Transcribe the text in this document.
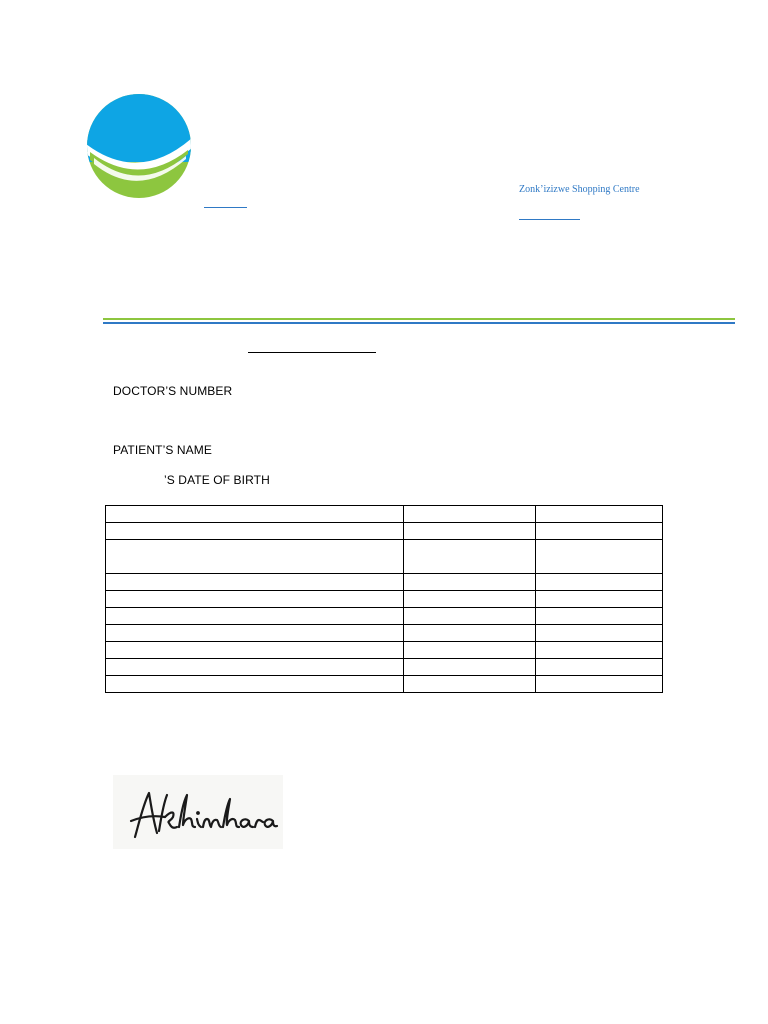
Zonk’izizwe Shopping Centre
DOCTOR’S NUMBER
PATIENT’S NAME
’S DATE OF BIRTH
